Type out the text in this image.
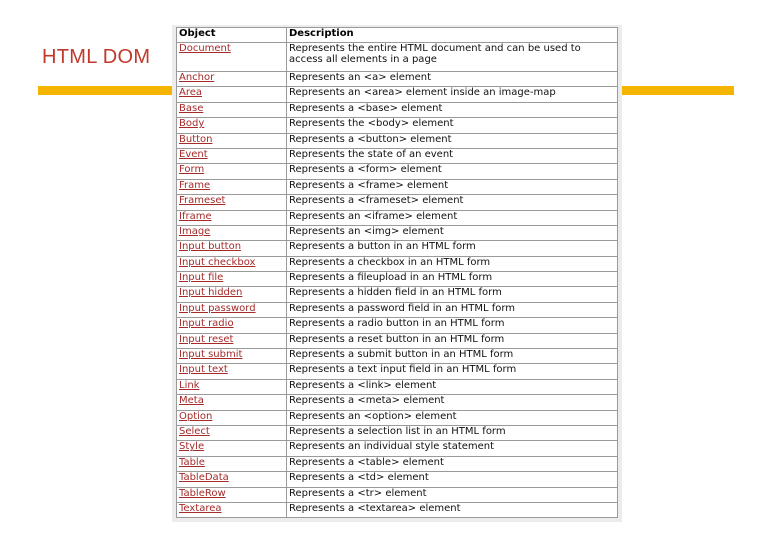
HTML DOM
Object	Description
Document	Represents the entire HTML document and can be used to access all elements in a page
Anchor	Represents an <a> element
Area	Represents an <area> element inside an image-map
Base	Represents a <base> element
Body	Represents the <body> element
Button	Represents a <button> element
Event	Represents the state of an event
Form	Represents a <form> element
Frame	Represents a <frame> element
Frameset	Represents a <frameset> element
Iframe	Represents an <iframe> element
Image	Represents an <img> element
Input button	Represents a button in an HTML form
Input checkbox	Represents a checkbox in an HTML form
Input file	Represents a fileupload in an HTML form
Input hidden	Represents a hidden field in an HTML form
Input password	Represents a password field in an HTML form
Input radio	Represents a radio button in an HTML form
Input reset	Represents a reset button in an HTML form
Input submit	Represents a submit button in an HTML form
Input text	Represents a text input field in an HTML form
Link	Represents a <link> element
Meta	Represents a <meta> element
Option	Represents an <option> element
Select	Represents a selection list in an HTML form
Style	Represents an individual style statement
Table	Represents a <table> element
TableData	Represents a <td> element
TableRow	Represents a <tr> element
Textarea	Represents a <textarea> element
